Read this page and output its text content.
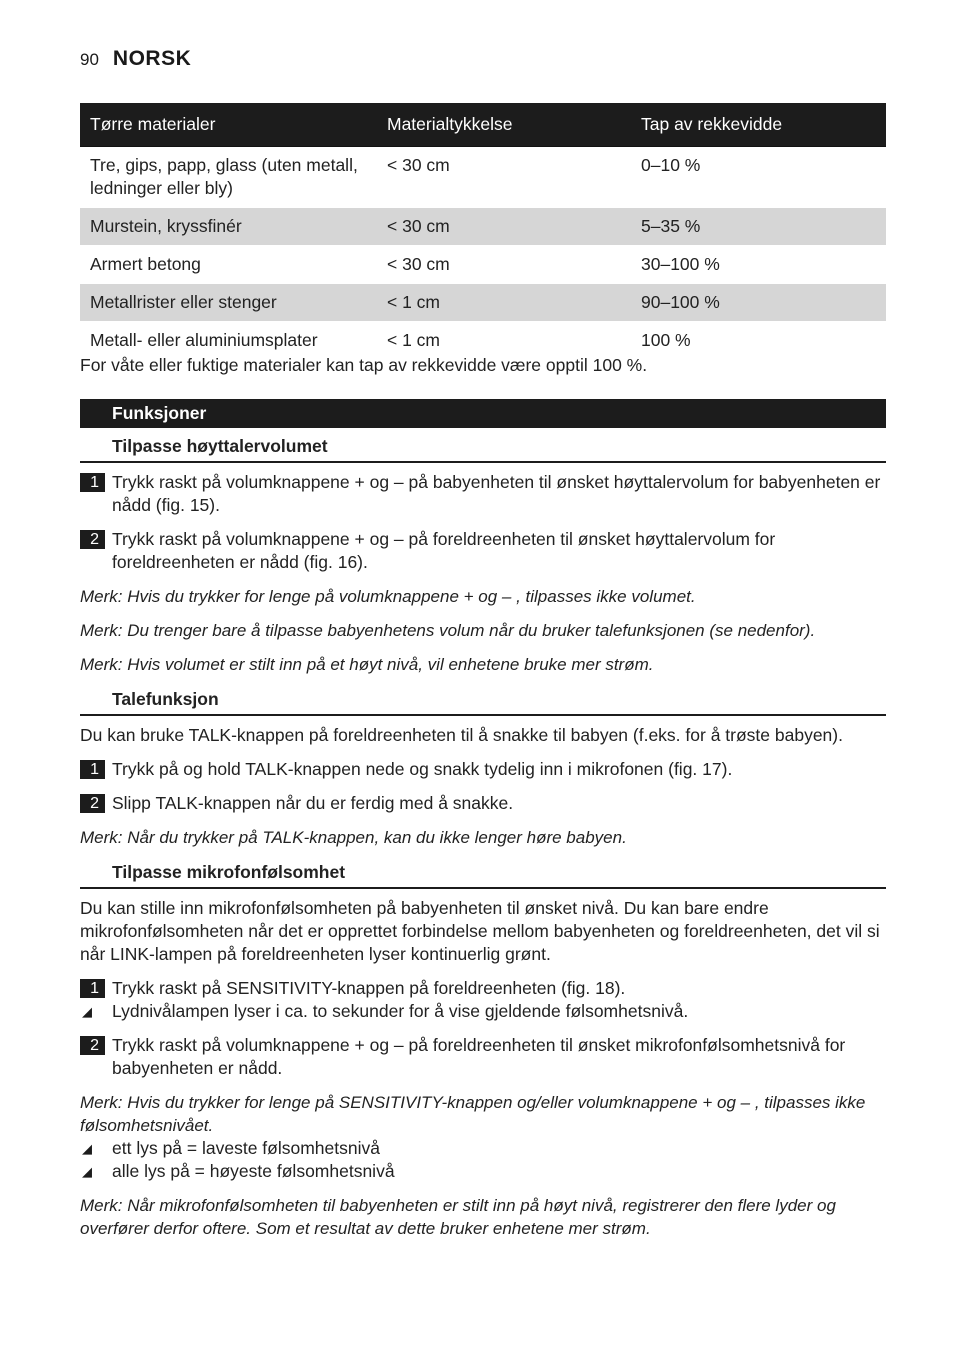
90 NORSK
Tørre materialer	Materialtykkelse	Tap av rekkevidde
Tre, gips, papp, glass (uten metall, ledninger eller bly)	< 30 cm	0–10 %
Murstein, kryssfinér	< 30 cm	5–35 %
Armert betong	< 30 cm	30–100 %
Metallrister eller stenger	< 1 cm	90–100 %
Metall- eller aluminiumsplater	< 1 cm	100 %

For våte eller fuktige materialer kan tap av rekkevidde være opptil 100 %.

Funksjoner
Tilpasse høyttalervolumet
1 Trykk raskt på volumknappene + og – på babyenheten til ønsket høyttalervolum for babyenheten er nådd (fig. 15).

2 Trykk raskt på volumknappene + og – på foreldreenheten til ønsket høyttalervolum for foreldreenheten er nådd (fig. 16).

Merk: Hvis du trykker for lenge på volumknappene + og – , tilpasses ikke volumet.

Merk: Du trenger bare å tilpasse babyenhetens volum når du bruker talefunksjonen (se nedenfor).

Merk: Hvis volumet er stilt inn på et høyt nivå, vil enhetene bruke mer strøm.

Talefunksjon

Du kan bruke TALK-knappen på foreldreenheten til å snakke til babyen (f.eks. for å trøste babyen).

1 Trykk på og hold TALK-knappen nede og snakk tydelig inn i mikrofonen (fig. 17).

2 Slipp TALK-knappen når du er ferdig med å snakke.

Merk: Når du trykker på TALK-knappen, kan du ikke lenger høre babyen.

Tilpasse mikrofonfølsomhet

Du kan stille inn mikrofonfølsomheten på babyenheten til ønsket nivå. Du kan bare endre mikrofonfølsomheten når det er opprettet forbindelse mellom babyenheten og foreldreenheten, det vil si når LINK-lampen på foreldreenheten lyser kontinuerlig grønt.

1 Trykk raskt på SENSITIVITY-knappen på foreldreenheten (fig. 18).

◢ Lydnivålampen lyser i ca. to sekunder for å vise gjeldende følsomhetsnivå.

2 Trykk raskt på volumknappene + og – på foreldreenheten til ønsket mikrofonfølsomhetsnivå for babyenheten er nådd.

Merk: Hvis du trykker for lenge på SENSITIVITY-knappen og/eller volumknappene + og – , tilpasses ikke følsomhetsnivået.

◢ ett lys på = laveste følsomhetsnivå

◢ alle lys på = høyeste følsomhetsnivå

Merk: Når mikrofonfølsomheten til babyenheten er stilt inn på høyt nivå, registrerer den flere lyder og overfører derfor oftere. Som et resultat av dette bruker enhetene mer strøm.
